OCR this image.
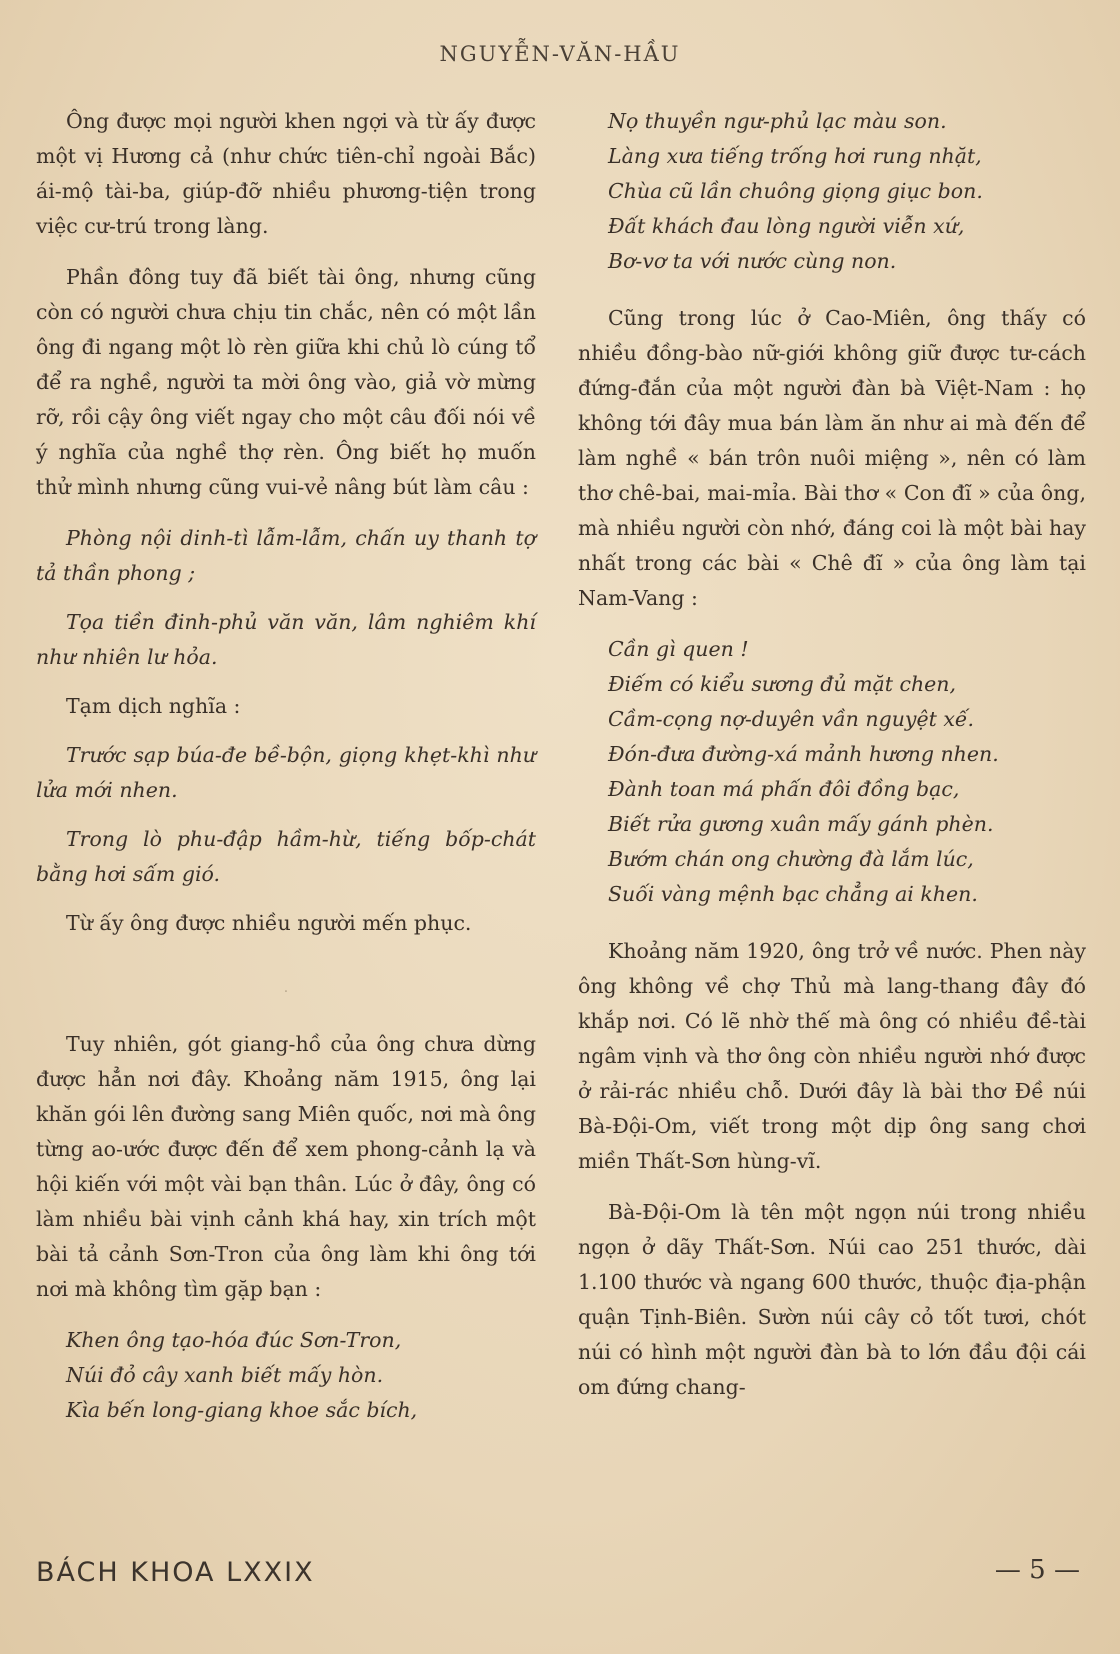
NGUYỄN-VĂN-HẦU

Ông được mọi người khen ngợi và từ ấy được một vị Hương cả (như chức tiên-chỉ ngoài Bắc) ái-mộ tài-ba, giúp-đỡ nhiều phương-tiện trong việc cư-trú trong làng.

Phần đông tuy đã biết tài ông, nhưng cũng còn có người chưa chịu tin chắc, nên có một lần ông đi ngang một lò rèn giữa khi chủ lò cúng tổ để ra nghề, người ta mời ông vào, giả vờ mừng rỡ, rồi cậy ông viết ngay cho một câu đối nói về ý nghĩa của nghề thợ rèn. Ông biết họ muốn thử mình nhưng cũng vui-vẻ nâng bút làm câu :

Phòng nội dinh-tì lẫm-lẫm, chấn uy thanh tợ tả thần phong ;

Tọa tiền đinh-phủ văn văn, lâm nghiêm khí như nhiên lư hỏa.

Tạm dịch nghĩa :

Trước sạp búa-đe bề-bộn, giọng khẹt-khì như lửa mới nhen.

Trong lò phu-đập hầm-hừ, tiếng bốp-chát bằng hơi sấm gió.

Từ ấy ông được nhiều người mến phục.

·

Tuy nhiên, gót giang-hồ của ông chưa dừng được hẳn nơi đây. Khoảng năm 1915, ông lại khăn gói lên đường sang Miên quốc, nơi mà ông từng ao-ước được đến để xem phong-cảnh lạ và hội kiến với một vài bạn thân. Lúc ở đây, ông có làm nhiều bài vịnh cảnh khá hay, xin trích một bài tả cảnh Sơn-Tron của ông làm khi ông tới nơi mà không tìm gặp bạn :

Khen ông tạo-hóa đúc Sơn-Tron,
Núi đỏ cây xanh biết mấy hòn.
Kìa bến long-giang khoe sắc bích,
Nọ thuyền ngư-phủ lạc màu son.
Làng xưa tiếng trống hơi rung nhặt,
Chùa cũ lần chuông giọng giục bon.
Đất khách đau lòng người viễn xứ,
Bơ-vơ ta với nước cùng non.

Cũng trong lúc ở Cao-Miên, ông thấy có nhiều đồng-bào nữ-giới không giữ được tư-cách đứng-đắn của một người đàn bà Việt-Nam : họ không tới đây mua bán làm ăn như ai mà đến để làm nghề « bán trôn nuôi miệng », nên có làm thơ chê-bai, mai-mỉa. Bài thơ « Con đĩ » của ông, mà nhiều người còn nhớ, đáng coi là một bài hay nhất trong các bài « Chê đĩ » của ông làm tại Nam-Vang :

Cần gì quen !
Điếm có kiểu sương đủ mặt chen,
Cầm-cọng nợ-duyên vần nguyệt xế.
Đón-đưa đường-xá mảnh hương nhen.
Đành toan má phấn đôi đồng bạc,
Biết rửa gương xuân mấy gánh phèn.
Bướm chán ong chường đà lắm lúc,
Suối vàng mệnh bạc chẳng ai khen.

Khoảng năm 1920, ông trở về nước. Phen này ông không về chợ Thủ mà lang-thang đây đó khắp nơi. Có lẽ nhờ thế mà ông có nhiều đề-tài ngâm vịnh và thơ ông còn nhiều người nhớ được ở rải-rác nhiều chỗ. Dưới đây là bài thơ Đề núi Bà-Đội-Om, viết trong một dịp ông sang chơi miền Thất-Sơn hùng-vĩ.

Bà-Đội-Om là tên một ngọn núi trong nhiều ngọn ở dãy Thất-Sơn. Núi cao 251 thước, dài 1.100 thước và ngang 600 thước, thuộc địa-phận quận Tịnh-Biên. Sườn núi cây cỏ tốt tươi, chót núi có hình một người đàn bà to lớn đầu đội cái om đứng chang-

BÁCH KHOA LXXIX	— 5 —
